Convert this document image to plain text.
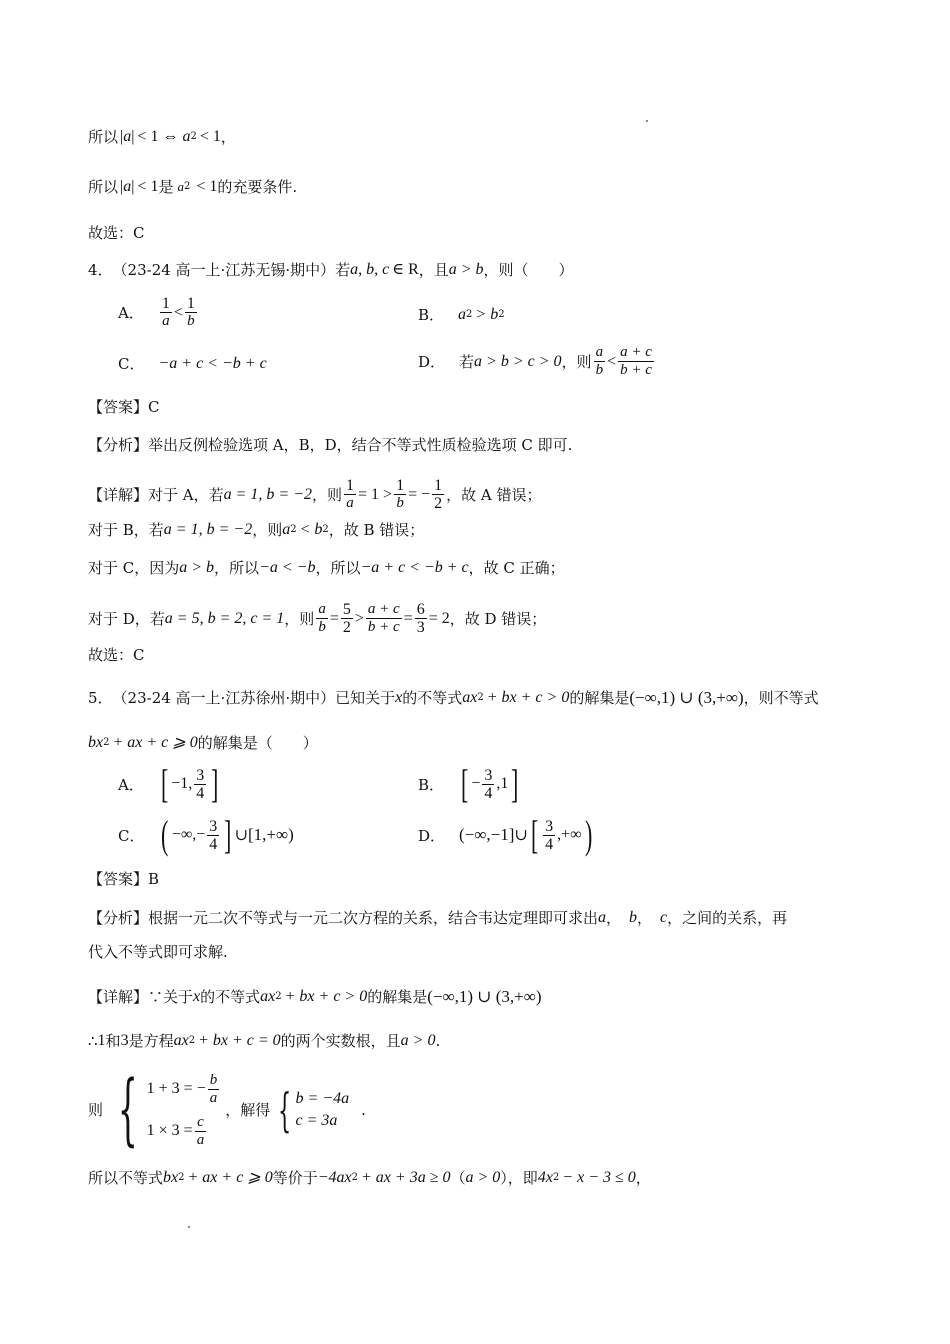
所以 | a | < 1 ⇔ a 2 < 1 ，
所以 | a | < 1 是 a 2 < 1 的充要条件.
故选：C
4． （23-24 高一上·江苏无锡·期中）若 a, b, c ∈ R ，且 a > b ，则（　　）
A． $\frac{1}{a} < \frac{1}{b}$	B． a 2 > b 2
C． −a + c < −b + c	D． 若 a > b > c > 0 ，则 $\frac{a}{b} < \frac{a + c}{b + c}$
【答案】C
【分析】举出反例检验选项 A，B，D，结合不等式性质检验选项 C 即可.
【详解】对于 A，若 a = 1, b = −2 ，则 $\frac{1}{a} = 1 > \frac{1}{b}$ = − $\frac{1}{2}$ ，故 A 错误；
对于 B，若 a = 1, b = −2 ，则 a 2 < b 2 ，故 B 错误；
对于 C，因为 a > b ，所以 −a < −b ，所以 −a + c < −b + c ，故 C 正确；
对于 D，若 a = 5, b = 2, c = 1 ，则 $\frac{a}{b} = \frac{5}{2} > \frac{a + c}{b + c} = \frac{6}{3} = 2$ ，故 D 错误；
故选：C
5． （23-24 高一上·江苏徐州·期中）已知关于 x 的不等式 ax 2 + bx + c > 0 的解集是 (−∞,1) ∪ (3,+∞) ，则不等式
bx 2 + ax + c ⩾ 0 的解集是（　　）
A． [ −1, $\frac{3}{4}$ ]	B． [ − $\frac{3}{4} ,1$ ]
C． ( −∞,− $\frac{3}{4}$ ] ∪ [1,+∞)	D． (−∞,−1] ∪ [ $\frac{3}{4}$ ,+∞ )
【答案】B
【分析】根据一元二次不等式与一元二次方程的关系，结合韦达定理即可求出 a ， b ， c ，之间的关系，再
代入不等式即可求解.
【详解】∵关于 x 的不等式 ax 2 + bx + c > 0 的解集是 (−∞,1) ∪ (3,+∞)
∴ 1 和 3 是方程 ax 2 + bx + c = 0 的两个实数根，且 a > 0 .
则 { 1 + 3 = − $\frac{b}{a}$
$1 \times 3 = \frac{c}{a}$
，解得 { b = −4a
c = 3a
.
所以不等式 bx 2 + ax + c ⩾ 0 等价于 −4ax 2 + ax + 3a ≥ 0 （ a > 0 ），即 4x 2 − x − 3 ≤ 0 ，
